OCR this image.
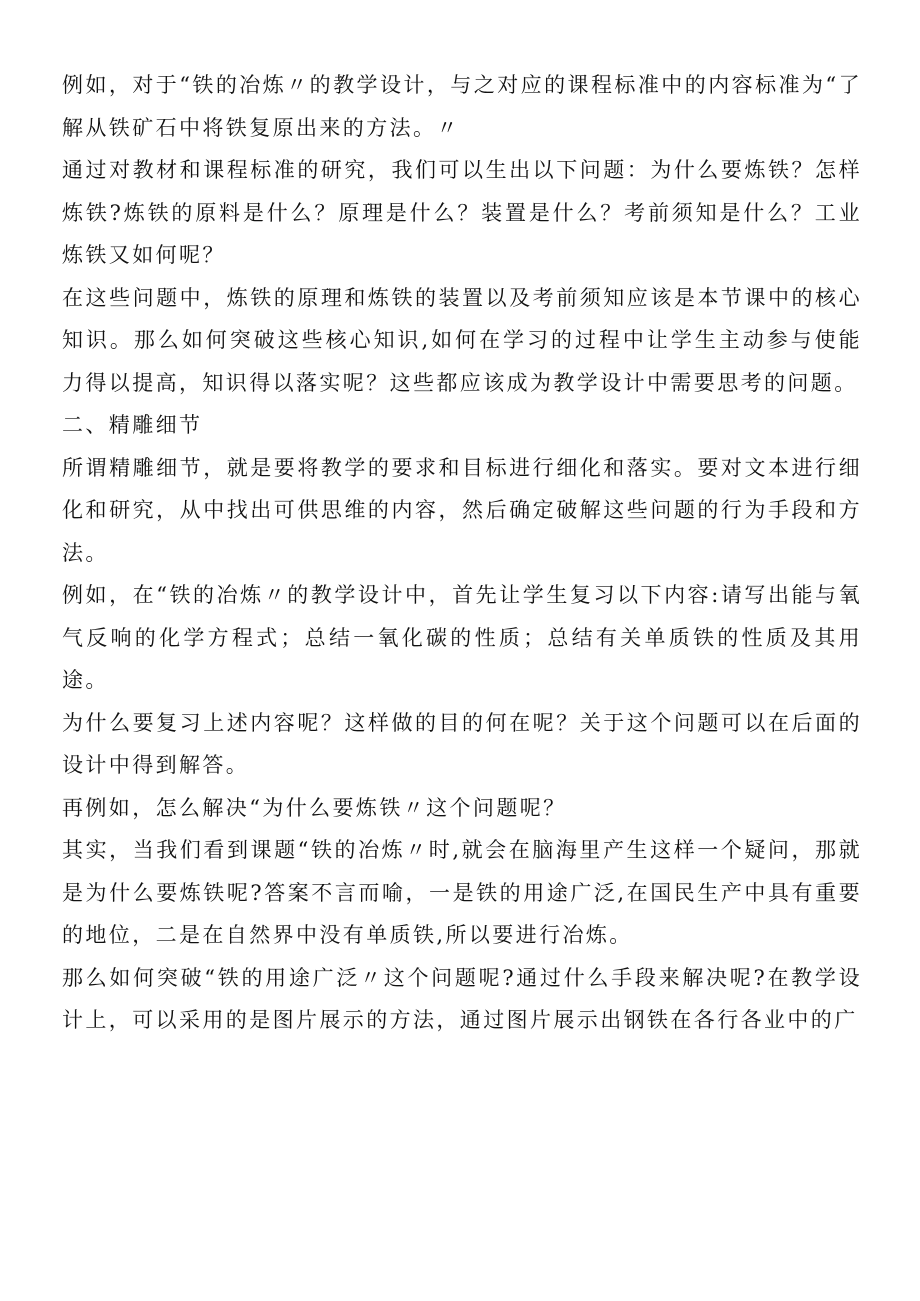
例如，对于“铁的冶炼〃的教学设计，与之对应的课程标准中的内容标准为“了解从铁矿石中将铁复原出来的方法。〃

通过对教材和课程标准的研究，我们可以生出以下问题：为什么要炼铁？怎样炼铁?炼铁的原料是什么？原理是什么？装置是什么？考前须知是什么？工业炼铁又如何呢？

在这些问题中，炼铁的原理和炼铁的装置以及考前须知应该是本节课中的核心知识。那么如何突破这些核心知识,如何在学习的过程中让学生主动参与使能力得以提高，知识得以落实呢？这些都应该成为教学设计中需要思考的问题。

二、精雕细节

所谓精雕细节，就是要将教学的要求和目标进行细化和落实。要对文本进行细化和研究，从中找出可供思维的内容，然后确定破解这些问题的行为手段和方法。

例如，在“铁的冶炼〃的教学设计中，首先让学生复习以下内容:请写出能与氧气反响的化学方程式；总结一氧化碳的性质；总结有关单质铁的性质及其用途。

为什么要复习上述内容呢？这样做的目的何在呢？关于这个问题可以在后面的设计中得到解答。

再例如，怎么解决“为什么要炼铁〃这个问题呢？

其实，当我们看到课题“铁的冶炼〃时,就会在脑海里产生这样一个疑问，那就是为什么要炼铁呢?答案不言而喻，一是铁的用途广泛,在国民生产中具有重要的地位，二是在自然界中没有单质铁,所以要进行冶炼。

那么如何突破“铁的用途广泛〃这个问题呢?通过什么手段来解决呢?在教学设计上，可以采用的是图片展示的方法，通过图片展示出钢铁在各行各业中的广
